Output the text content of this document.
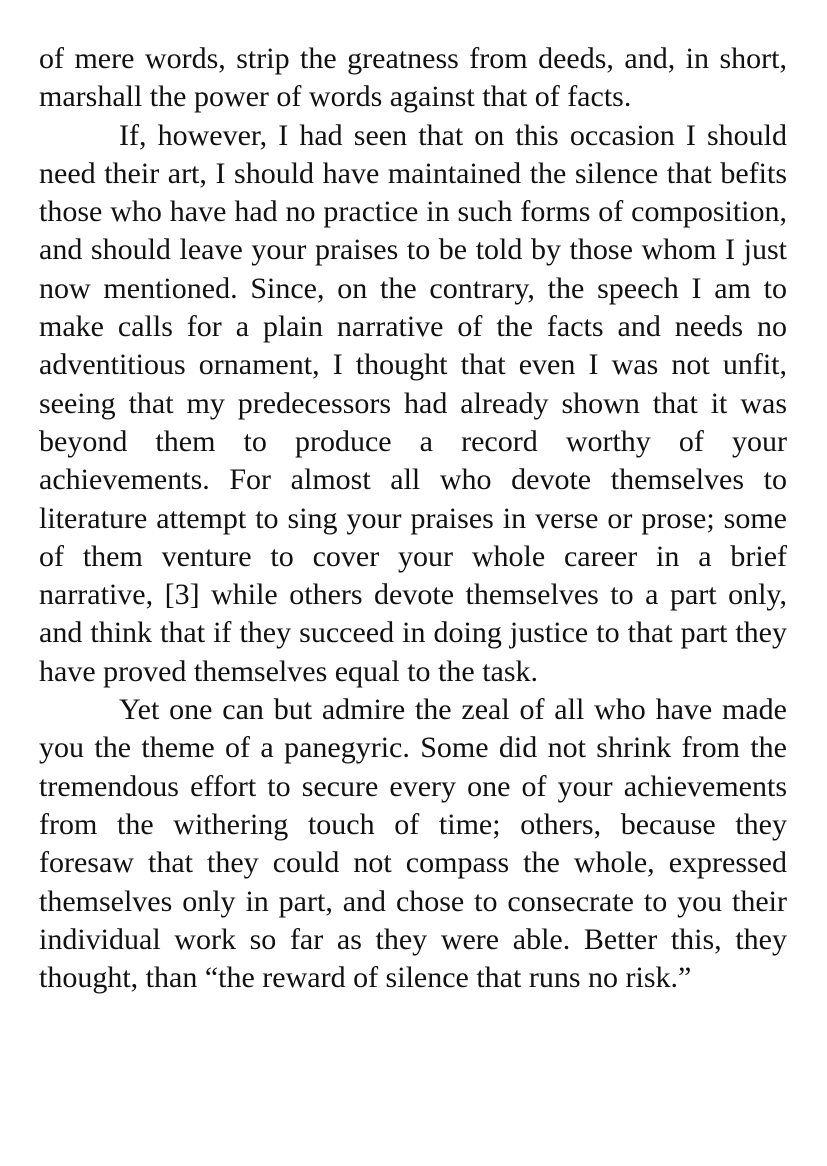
of mere words, strip the greatness from deeds, and, in short, marshall the power of words against that of facts.

If, however, I had seen that on this occasion I should need their art, I should have maintained the silence that befits those who have had no practice in such forms of composition, and should leave your praises to be told by those whom I just now mentioned. Since, on the contrary, the speech I am to make calls for a plain narrative of the facts and needs no adventitious ornament, I thought that even I was not unfit, seeing that my predecessors had already shown that it was beyond them to produce a record worthy of your achievements. For almost all who devote themselves to literature attempt to sing your praises in verse or prose; some of them venture to cover your whole career in a brief narrative, [3] while others devote themselves to a part only, and think that if they succeed in doing justice to that part they have proved themselves equal to the task.

Yet one can but admire the zeal of all who have made you the theme of a panegyric. Some did not shrink from the tremendous effort to secure every one of your achievements from the withering touch of time; others, because they foresaw that they could not compass the whole, expressed themselves only in part, and chose to consecrate to you their individual work so far as they were able. Better this, they thought, than “the reward of silence that runs no risk.”
